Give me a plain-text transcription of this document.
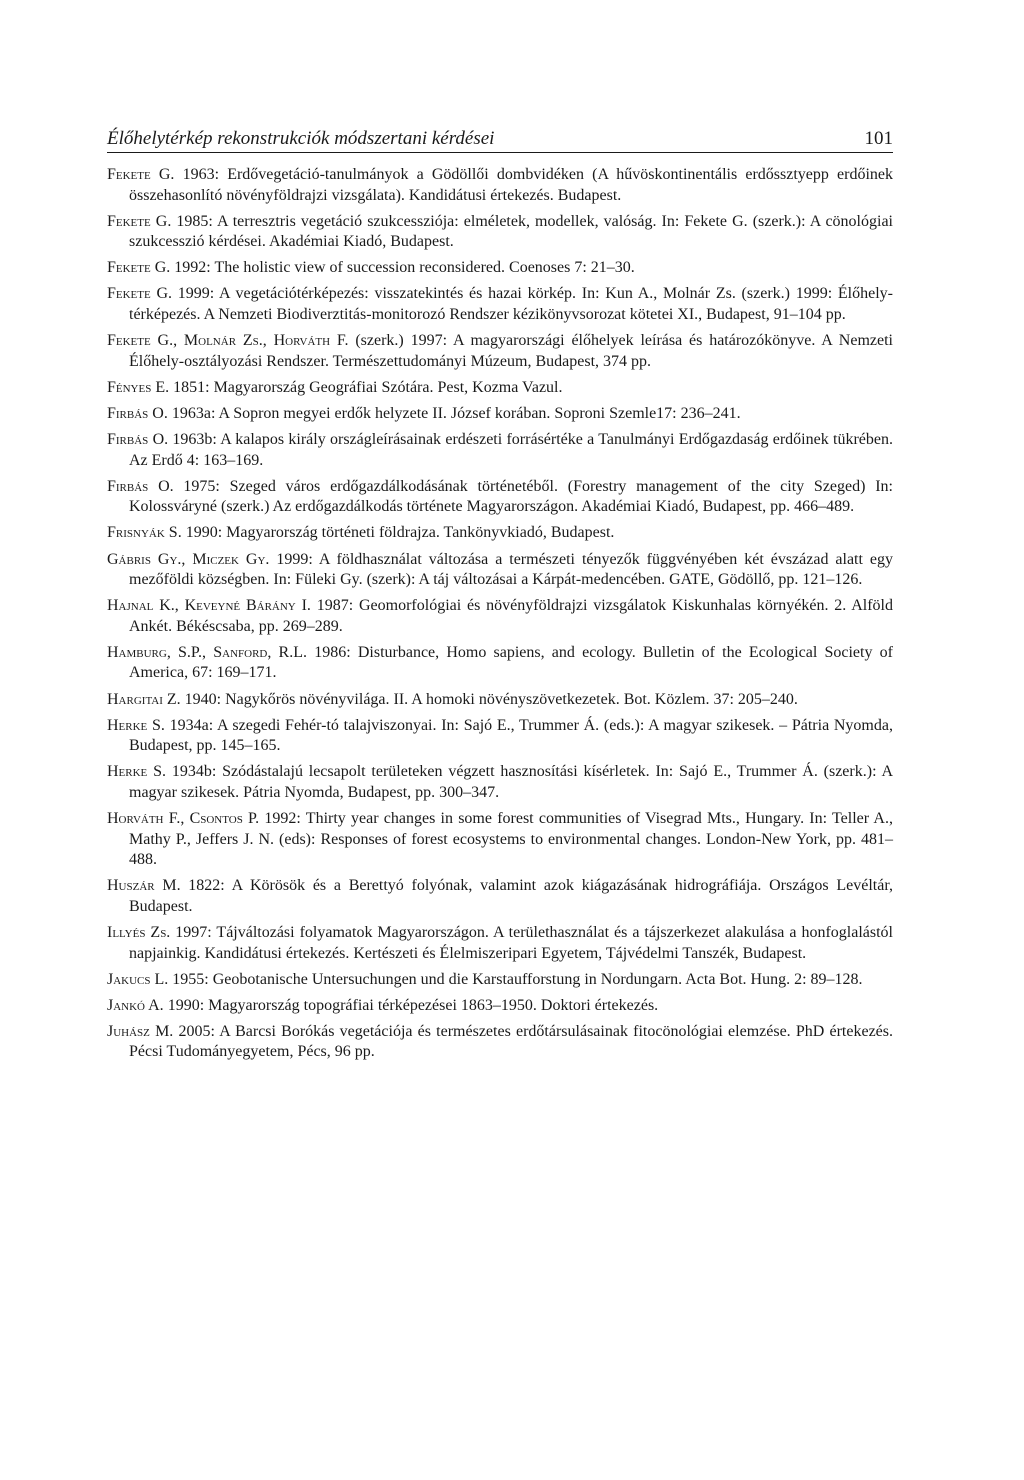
Élőhelytérkép rekonstrukciók módszertani kérdései	101

Fekete G. 1963: Erdővegetáció-tanulmányok a Gödöllői dombvidéken (A hűvöskontinentális erdőssztyepp erdőinek összehasonlító növényföldrajzi vizsgálata). Kandidátusi értekezés. Budapest.

Fekete G. 1985: A terresztris vegetáció szukcessziója: elméletek, modellek, valóság. In: Fekete G. (szerk.): A cönológiai szukcesszió kérdései. Akadémiai Kiadó, Budapest.

Fekete G. 1992: The holistic view of succession reconsidered. Coenoses 7: 21–30.

Fekete G. 1999: A vegetációtérképezés: visszatekintés és hazai körkép. In: Kun A., Molnár Zs. (szerk.) 1999: Élőhely-térképezés. A Nemzeti Biodiverztitás-monitorozó Rendszer kézikönyvsorozat kötetei XI., Budapest, 91–104 pp.

Fekete G., Molnár Zs., Horváth F. (szerk.) 1997: A magyarországi élőhelyek leírása és határozókönyve. A Nemzeti Élőhely-osztályozási Rendszer. Természettudományi Múzeum, Budapest, 374 pp.

Fényes E. 1851: Magyarország Geográfiai Szótára. Pest, Kozma Vazul.

Firbás O. 1963a: A Sopron megyei erdők helyzete II. József korában. Soproni Szemle17: 236–241.

Firbás O. 1963b: A kalapos király országleírásainak erdészeti forrásértéke a Tanulmányi Erdőgazdaság erdőinek tükrében. Az Erdő 4: 163–169.

Firbás O. 1975: Szeged város erdőgazdálkodásának történetéből. (Forestry management of the city Szeged) In: Kolossváryné (szerk.) Az erdőgazdálkodás története Magyarországon. Akadémiai Kiadó, Budapest, pp. 466–489.

Frisnyák S. 1990: Magyarország történeti földrajza. Tankönyvkiadó, Budapest.

Gábris Gy., Miczek Gy. 1999: A földhasználat változása a természeti tényezők függvényében két évszázad alatt egy mezőföldi községben. In: Füleki Gy. (szerk): A táj változásai a Kárpát-medencében. GATE, Gödöllő, pp. 121–126.

Hajnal K., Keveyné Bárány I. 1987: Geomorfológiai és növényföldrajzi vizsgálatok Kiskunhalas környékén. 2. Alföld Ankét. Békéscsaba, pp. 269–289.

Hamburg, S.P., Sanford, R.L. 1986: Disturbance, Homo sapiens, and ecology. Bulletin of the Ecological Society of America, 67: 169–171.

Hargitai Z. 1940: Nagykőrös növényvilága. II. A homoki növényszövetkezetek. Bot. Közlem. 37: 205–240.

Herke S. 1934a: A szegedi Fehér-tó talajviszonyai. In: Sajó E., Trummer Á. (eds.): A magyar szikesek. – Pátria Nyomda, Budapest, pp. 145–165.

Herke S. 1934b: Szódástalajú lecsapolt területeken végzett hasznosítási kísérletek. In: Sajó E., Trummer Á. (szerk.): A magyar szikesek. Pátria Nyomda, Budapest, pp. 300–347.

Horváth F., Csontos P. 1992: Thirty year changes in some forest communities of Visegrad Mts., Hungary. In: Teller A., Mathy P., Jeffers J. N. (eds): Responses of forest ecosystems to environmental changes. London-New York, pp. 481–488.

Huszár M. 1822: A Körösök és a Berettyó folyónak, valamint azok kiágazásának hidrográfiája. Országos Levéltár, Budapest.

Illyés Zs. 1997: Tájváltozási folyamatok Magyarországon. A területhasználat és a tájszerkezet alakulása a honfoglalástól napjainkig. Kandidátusi értekezés. Kertészeti és Élelmiszeripari Egyetem, Tájvédelmi Tanszék, Budapest.

Jakucs L. 1955: Geobotanische Untersuchungen und die Karstaufforstung in Nordungarn. Acta Bot. Hung. 2: 89–128.

Jankó A. 1990: Magyarország topográfiai térképezései 1863–1950. Doktori értekezés.

Juhász M. 2005: A Barcsi Borókás vegetációja és természetes erdőtársulásainak fitocönológiai elemzése. PhD értekezés. Pécsi Tudományegyetem, Pécs, 96 pp.
